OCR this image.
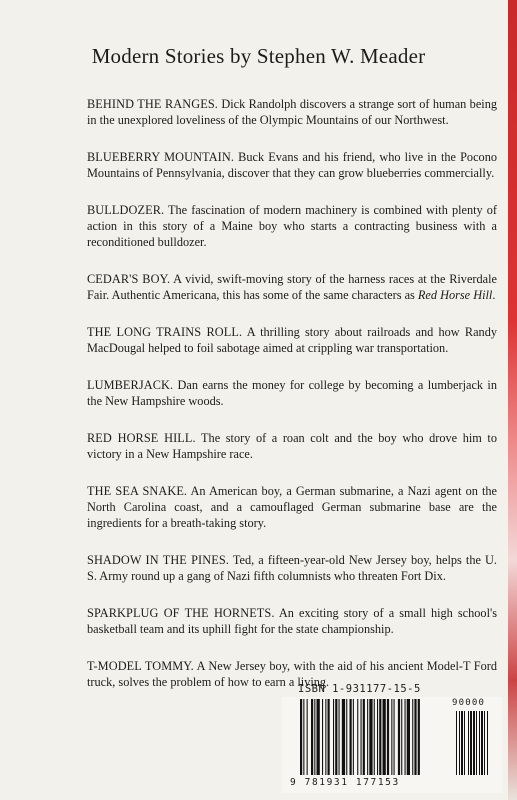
Modern Stories by Stephen W. Meader

BEHIND THE RANGES. Dick Randolph discovers a strange sort of human being in the unexplored loveliness of the Olympic Mountains of our Northwest.

BLUEBERRY MOUNTAIN. Buck Evans and his friend, who live in the Pocono Mountains of Pennsylvania, discover that they can grow blueberries commercially.

BULLDOZER. The fascination of modern machinery is combined with plenty of action in this story of a Maine boy who starts a contracting business with a reconditioned bulldozer.

CEDAR'S BOY. A vivid, swift-moving story of the harness races at the Riverdale Fair. Authentic Americana, this has some of the same characters as Red Horse Hill.

THE LONG TRAINS ROLL. A thrilling story about railroads and how Randy MacDougal helped to foil sabotage aimed at crippling war transportation.

LUMBERJACK. Dan earns the money for college by becoming a lumberjack in the New Hampshire woods.

RED HORSE HILL. The story of a roan colt and the boy who drove him to victory in a New Hampshire race.

THE SEA SNAKE. An American boy, a German submarine, a Nazi agent on the North Carolina coast, and a camouflaged German submarine base are the ingredients for a breath-taking story.

SHADOW IN THE PINES. Ted, a fifteen-year-old New Jersey boy, helps the U. S. Army round up a gang of Nazi fifth columnists who threaten Fort Dix.

SPARKPLUG OF THE HORNETS. An exciting story of a small high school's basketball team and its uphill fight for the state championship.

T-MODEL TOMMY. A New Jersey boy, with the aid of his ancient Model-T Ford truck, solves the problem of how to earn a living.

ISBN 1-931177-15-5
9 781931 177153
90000
